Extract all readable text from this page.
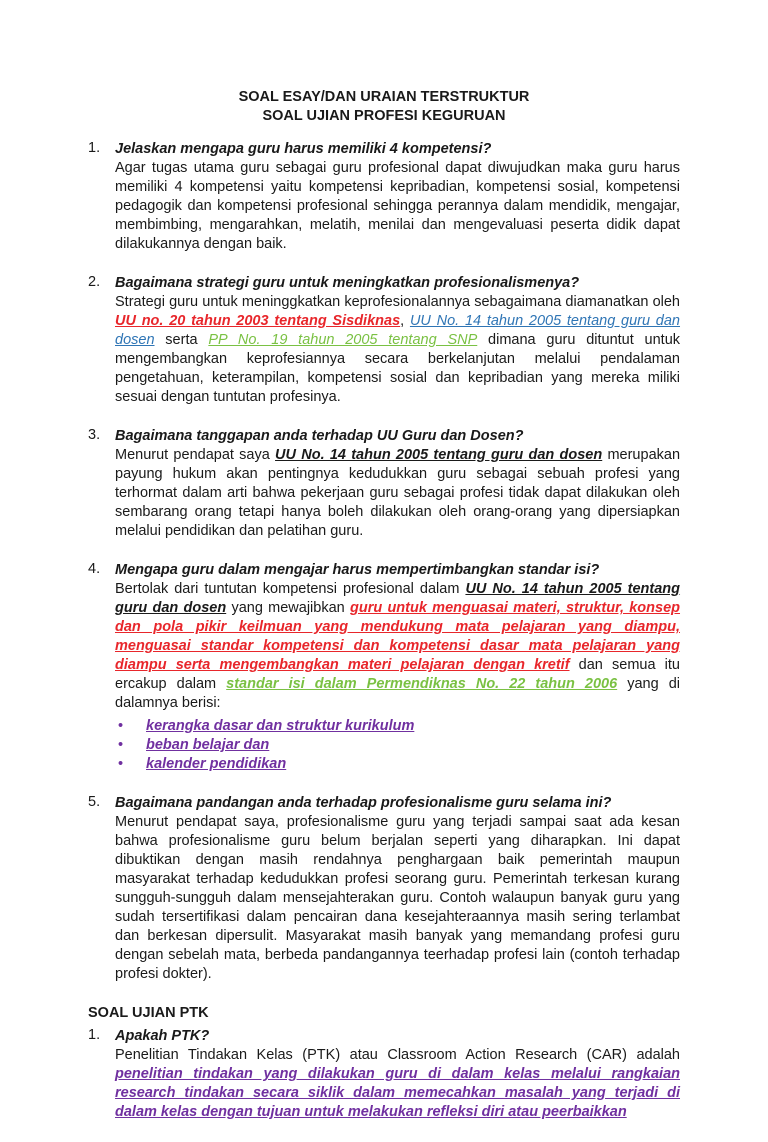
SOAL ESAY/DAN URAIAN TERSTRUKTUR
SOAL UJIAN PROFESI KEGURUAN
1. Jelaskan mengapa guru harus memiliki 4 kompetensi?
Agar tugas utama guru sebagai guru profesional dapat diwujudkan maka guru harus memiliki 4 kompetensi yaitu kompetensi kepribadian, kompetensi sosial, kompetensi pedagogik dan kompetensi profesional sehingga perannya dalam mendidik, mengajar, membimbing, mengarahkan, melatih, menilai dan mengevaluasi peserta didik dapat dilakukannya dengan baik.
2. Bagaimana strategi guru untuk meningkatkan profesionalismenya?
Strategi guru untuk meninggkatkan keprofesionalannya sebagaimana diamanatkan oleh UU no. 20 tahun 2003 tentang Sisdiknas, UU No. 14 tahun 2005 tentang guru dan dosen serta PP No. 19 tahun 2005 tentang SNP dimana guru dituntut untuk mengembangkan keprofesiannya secara berkelanjutan melalui pendalaman pengetahuan, keterampilan, kompetensi sosial dan kepribadian yang mereka miliki sesuai dengan tuntutan profesinya.
3. Bagaimana tanggapan anda terhadap UU Guru dan Dosen?
Menurut pendapat saya UU No. 14 tahun 2005 tentang guru dan dosen merupakan payung hukum akan pentingnya kedudukkan guru sebagai sebuah profesi yang terhormat dalam arti bahwa pekerjaan guru sebagai profesi tidak dapat dilakukan oleh sembarang orang tetapi hanya boleh dilakukan oleh orang-orang yang dipersiapkan melalui pendidikan dan pelatihan guru.
4. Mengapa guru dalam mengajar harus mempertimbangkan standar isi?
Bertolak dari tuntutan kompetensi profesional dalam UU No. 14 tahun 2005 tentang guru dan dosen yang mewajibkan guru untuk menguasai materi, struktur, konsep dan pola pikir keilmuan yang mendukung mata pelajaran yang diampu, menguasai standar kompetensi dan kompetensi dasar mata pelajaran yang diampu serta mengembangkan materi pelajaran dengan kretif dan semua itu ercakup dalam standar isi dalam Permendiknas No. 22 tahun 2006 yang di dalamnya berisi:
• kerangka dasar dan struktur kurikulum
• beban belajar dan
• kalender pendidikan
5. Bagaimana pandangan anda terhadap profesionalisme guru selama ini?
Menurut pendapat saya, profesionalisme guru yang terjadi sampai saat ada kesan bahwa profesionalisme guru belum berjalan seperti yang diharapkan. Ini dapat dibuktikan dengan masih rendahnya penghargaan baik pemerintah maupun masyarakat terhadap kedudukkan profesi seorang guru. Pemerintah terkesan kurang sungguh-sungguh dalam mensejahterakan guru. Contoh walaupun banyak guru yang sudah tersertifikasi dalam pencairan dana kesejahteraannya masih sering terlambat dan berkesan dipersulit. Masyarakat masih banyak yang memandang profesi guru dengan sebelah mata, berbeda pandangannya teerhadap profesi lain (contoh terhadap profesi dokter).
SOAL UJIAN PTK
1. Apakah PTK?
Penelitian Tindakan Kelas (PTK) atau Classroom Action Research (CAR) adalah penelitian tindakan yang dilakukan guru di dalam kelas melalui rangkaian research tindakan secara siklik dalam memecahkan masalah yang terjadi di dalam kelas dengan tujuan untuk melakukan refleksi diri atau peerbaikkan
